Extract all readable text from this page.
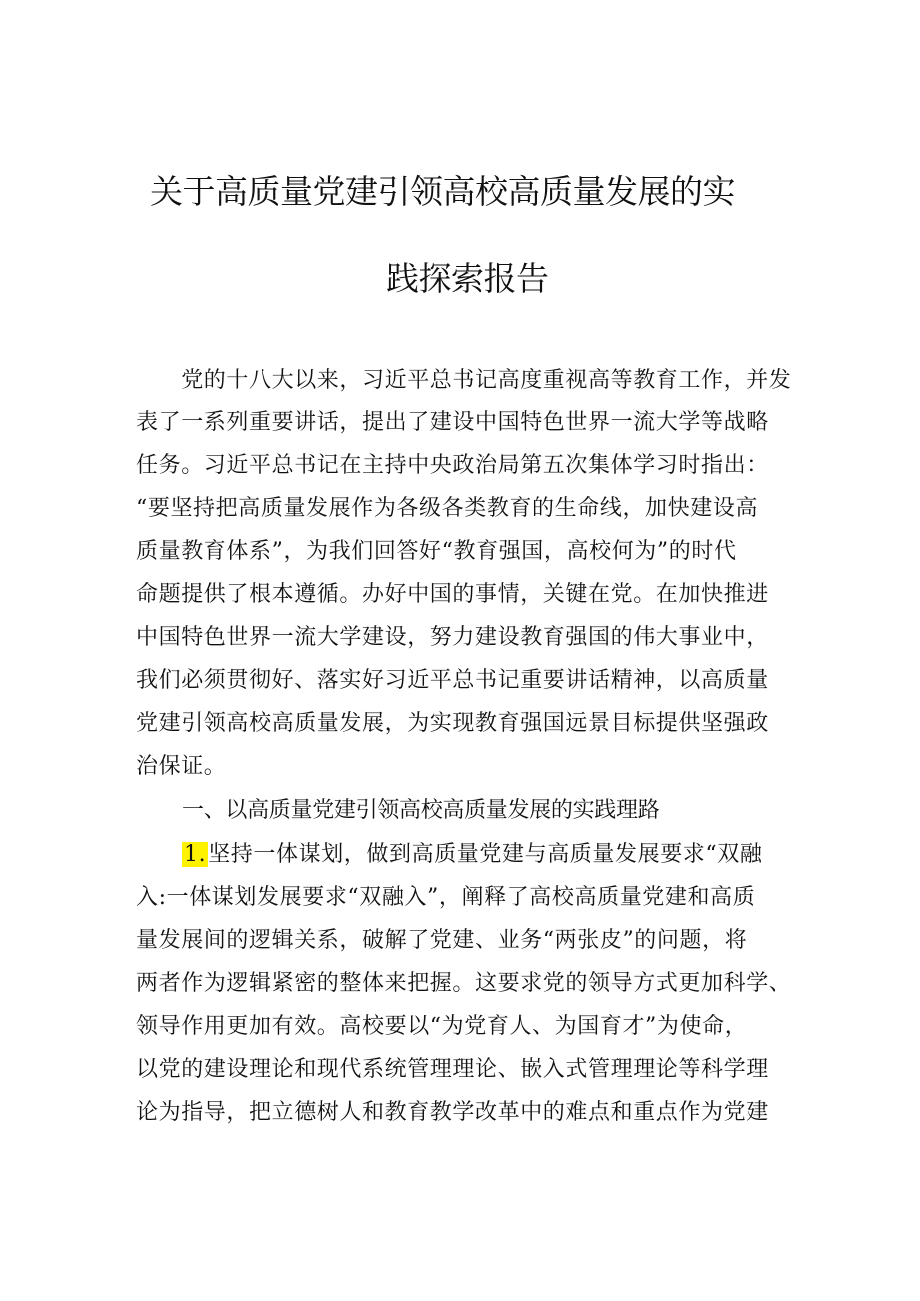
关于高质量党建引领高校高质量发展的实
践探索报告
　　党的十八大以来，习近平总书记高度重视高等教育工作，并发
表了一系列重要讲话，提出了建设中国特色世界一流大学等战略
任务。习近平总书记在主持中央政治局第五次集体学习时指出：
“要坚持把高质量发展作为各级各类教育的生命线，加快建设高
质量教育体系”，为我们回答好“教育强国，高校何为”的时代
命题提供了根本遵循。办好中国的事情，关键在党。在加快推进
中国特色世界一流大学建设，努力建设教育强国的伟大事业中，
我们必须贯彻好、落实好习近平总书记重要讲话精神，以高质量
党建引领高校高质量发展，为实现教育强国远景目标提供坚强政
治保证。
一、以高质量党建引领高校高质量发展的实践理路
1.坚持一体谋划，做到高质量党建与高质量发展要求“双融
入:一体谋划发展要求“双融入”，阐释了高校高质量党建和高质
量发展间的逻辑关系，破解了党建、业务“两张皮”的问题，将
两者作为逻辑紧密的整体来把握。这要求党的领导方式更加科学、
领导作用更加有效。高校要以“为党育人、为国育才”为使命，
以党的建设理论和现代系统管理理论、嵌入式管理理论等科学理
论为指导，把立德树人和教育教学改革中的难点和重点作为党建
